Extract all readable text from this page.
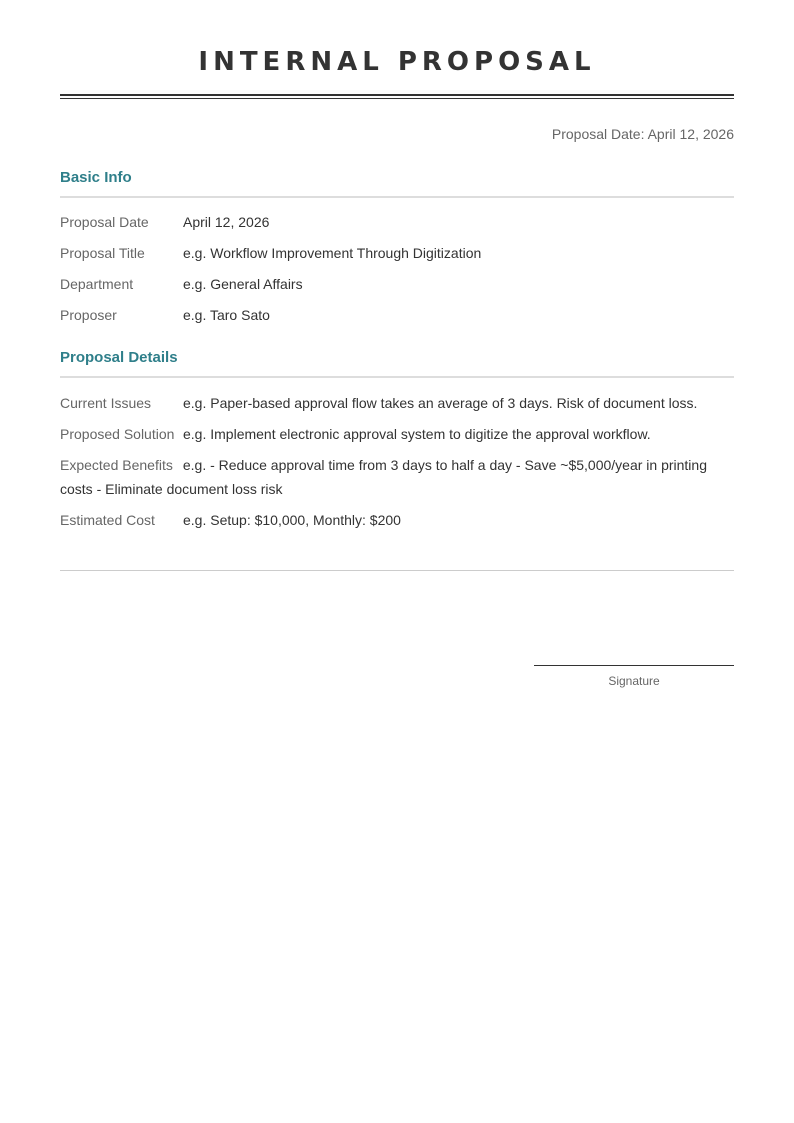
INTERNAL PROPOSAL
Proposal Date: April 12, 2026
Basic Info
Proposal Date April 12, 2026
Proposal Title	e.g. Workflow Improvement Through Digitization
Department	e.g. General Affairs
Proposer	e.g. Taro Sato
Proposal Details
Current Issues e.g. Paper-based approval flow takes an average of 3 days. Risk of document loss.
Proposed Solution e.g. Implement electronic approval system to digitize the approval workflow.
Expected Benefits e.g. - Reduce approval time from 3 days to half a day - Save ~$5,000/year in printing costs - Eliminate document loss risk
Estimated Cost e.g. Setup: $10,000, Monthly: $200
Signature
